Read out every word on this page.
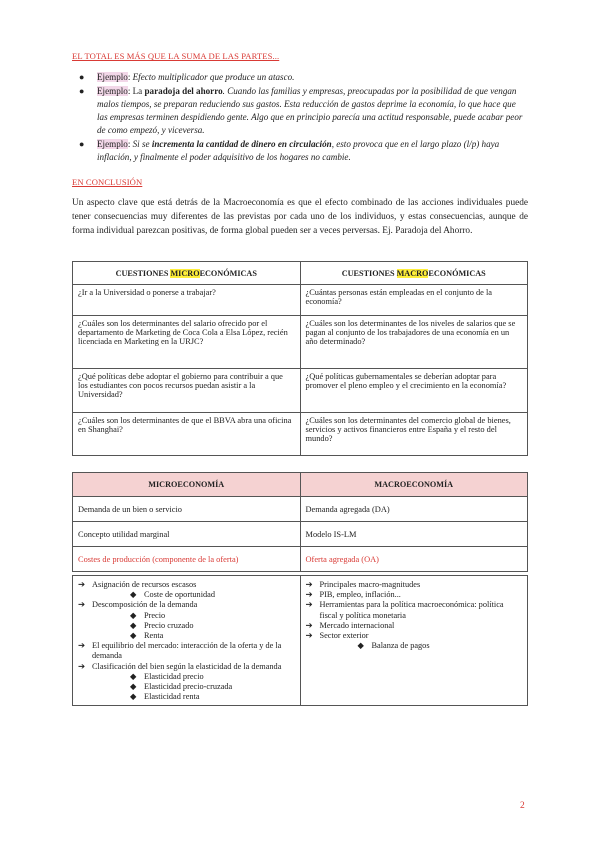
EL TOTAL ES MÁS QUE LA SUMA DE LAS PARTES...
● Ejemplo: Efecto multiplicador que produce un atasco.
● Ejemplo: La paradoja del ahorro. Cuando las familias y empresas, preocupadas por la posibilidad de que vengan malos tiempos, se preparan reduciendo sus gastos. Esta reducción de gastos deprime la economía, lo que hace que las empresas terminen despidiendo gente. Algo que en principio parecía una actitud responsable, puede acabar peor de como empezó, y viceversa.
● Ejemplo: Si se incrementa la cantidad de dinero en circulación, esto provoca que en el largo plazo (l/p) haya inflación, y finalmente el poder adquisitivo de los hogares no cambie.
EN CONCLUSIÓN

Un aspecto clave que está detrás de la Macroeconomía es que el efecto combinado de las acciones individuales puede tener consecuencias muy diferentes de las previstas por cada uno de los individuos, y estas consecuencias, aunque de forma individual parezcan positivas, de forma global pueden ser a veces perversas. Ej. Paradoja del Ahorro.

CUESTIONES MICROECONÓMICAS	CUESTIONES MACROECONÓMICAS
¿Ir a la Universidad o ponerse a trabajar?	¿Cuántas personas están empleadas en el conjunto de la economía?
¿Cuáles son los determinantes del salario ofrecido por el departamento de Marketing de Coca Cola a Elsa López, recién licenciada en Marketing en la URJC?	¿Cuáles son los determinantes de los niveles de salarios que se pagan al conjunto de los trabajadores de una economía en un año determinado?
¿Qué políticas debe adoptar el gobierno para contribuir a que los estudiantes con pocos recursos puedan asistir a la Universidad?	¿Qué políticas gubernamentales se deberían adoptar para promover el pleno empleo y el crecimiento en la economía?
¿Cuáles son los determinantes de que el BBVA abra una oficina en Shanghai?	¿Cuáles son los determinantes del comercio global de bienes, servicios y activos financieros entre España y el resto del mundo?
MICROECONOMÍA	MACROECONOMÍA
Demanda de un bien o servicio	Demanda agregada (DA)
Concepto utilidad marginal	Modelo IS-LM
Costes de producción (componente de la oferta)	Oferta agregada (OA)
➔ Asignación de recursos escasos
◆ Coste de oportunidad
➔ Descomposición de la demanda
◆ Precio
◆ Precio cruzado
◆ Renta
➔ El equilibrio del mercado: interacción de la oferta y de la demanda
➔ Clasificación del bien según la elasticidad de la demanda
◆ Elasticidad precio
◆ Elasticidad precio-cruzada
◆ Elasticidad renta

➔ Principales macro-magnitudes
➔ PIB, empleo, inflación...
➔ Herramientas para la política macroeconómica: política fiscal y política monetaria
➔ Mercado internacional
➔ Sector exterior
◆ Balanza de pagos
2
